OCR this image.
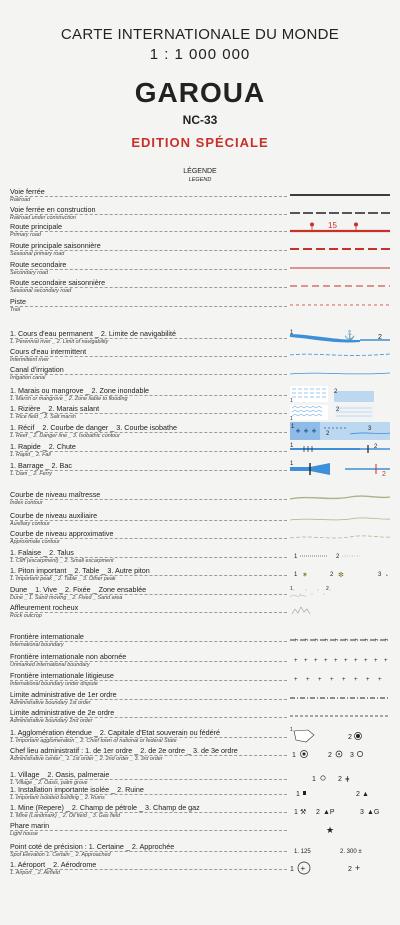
CARTE INTERNATIONALE DU MONDE
1 : 1 000 000
GAROUA
NC-33
EDITION SPÉCIALE
LÉGENDE
LEGEND
Voie ferrée
Railroad
Voie ferrée en construction
Railroad under construction
Route principale
Primary road
15
Route principale saisonnière
Seasonal primary road
Route secondaire
Secondary road
Route secondaire saisonnière
Seasonal secondary road
Piste
Trail
1. Cours d'eau permanent _ 2. Limite de navigabilité
1. Perennial river _ 2. Limit of navigability
1	⚓	2
Cours d'eau intermittent
Intermittent river
Canal d'irrigation
Irrigation canal
1. Marais ou mangrove _ 2. Zone inondable
1. Marsh or mangrove _ 2. Zone liable to flooding	1
2
1. Rizière _ 2. Marais salant
1. Rice field _ 2. Salt marsh	1
2
1. Récif _ 2. Courbe de danger _ 3. Courbe isobathe
1. Reef _ 2. Danger line _ 3. Isobathic contour
+ + +
1
2
3
1. Rapide _ 2. Chute
1. Rapid _ 2. Fall
1	2
1. Barrage _ 2. Bac
1. Dam _ 2. Ferry
1
2
Courbe de niveau maîtresse
Index contour
Courbe de niveau auxiliaire
Auxiliary contour
Courbe de niveau approximative
Approximate contour
1. Falaise _ 2. Talus
1. Cliff (escarpment) _ 2. Small escarpment
1	2
1. Piton important _ 2. Table _ 3. Autre piton
1. Important peak _ 2. Table _ 3. Other peak
1 ✶	2 ✼	3 •
Dune _ 1. Vive _ 2. Fixée _ Zone ensablée
Dune _ 1. Sand moving _ 2. Fixed _ Sand area
1	2
Affleurement rocheux
Rock outcrop
Frontière internationale
International boundary
+ + + + + + + + + +
Frontière internationale non abornée
Unmarked international boundary
+ + + + + + + + + +
Frontière internationale litigieuse
International boundary under dispute
+ + + + + + + +
Limite administrative de 1er ordre
Administrative boundary 1st order
Limite administrative de 2e ordre
Administrative boundary 2nd order
1. Agglomération étendue _ 2. Capitale d'Etat souverain ou fédéré
1. Important agglomeration _ 2. Chief town of national or federal State
1
2
Chef lieu administratif : 1. de 1er ordre _ 2. de 2e ordre _ 3. de 3e ordre
Administrative center _ 1. 1st order _ 2. 2nd order _ 3. 3rd order	1	2	3
1. Village _ 2. Oasis, palmeraie
1. Village _ 2. Oasis, palm grove	1	2 ǂ
1. Installation importante isolée _ 2. Ruine
1. Important isolated building _ 2. Ruins	1	2 ▲
1. Mine (Repere) _ 2. Champ de pétrole _ 3. Champ de gaz
1. Mine (Landmark) _ 2. Oil field _ 3. Gas field	1 ⚒ 2 ▲P	3 ▲G
Phare marin
Light house	★
Point coté de précision : 1. Certaine _ 2. Approchée
Spot Elevation 1. Certain _ 2. Approached	1. 125	2. 300 ±
1. Aéroport _ 2. Aérodrome
1. Airport _ 2. Airfield	1 +	2 +
